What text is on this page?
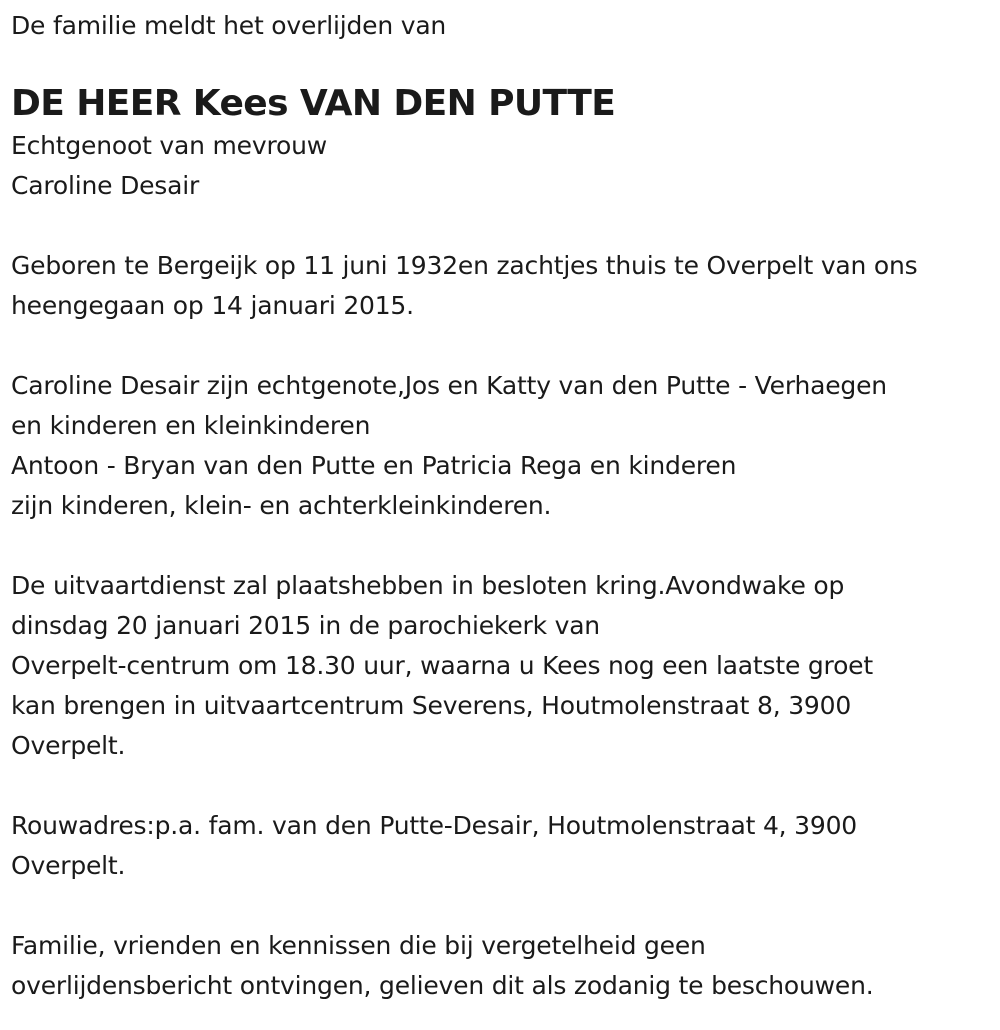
De familie meldt het overlijden van
DE HEER Kees VAN DEN PUTTE
Echtgenoot van mevrouw
Caroline Desair
Geboren te Bergeijk op 11 juni 1932en zachtjes thuis te Overpelt van ons
heengegaan op 14 januari 2015.
Caroline Desair zijn echtgenote,Jos en Katty van den Putte - Verhaegen
en kinderen en kleinkinderen
Antoon - Bryan van den Putte en Patricia Rega en kinderen
zijn kinderen, klein- en achterkleinkinderen.
De uitvaartdienst zal plaatshebben in besloten kring.Avondwake op
dinsdag 20 januari 2015 in de parochiekerk van
Overpelt-centrum om 18.30 uur, waarna u Kees nog een laatste groet
kan brengen in uitvaartcentrum Severens, Houtmolenstraat 8, 3900
Overpelt.
Rouwadres:p.a. fam. van den Putte-Desair, Houtmolenstraat 4, 3900
Overpelt.
Familie, vrienden en kennissen die bij vergetelheid geen
overlijdensbericht ontvingen, gelieven dit als zodanig te beschouwen.
